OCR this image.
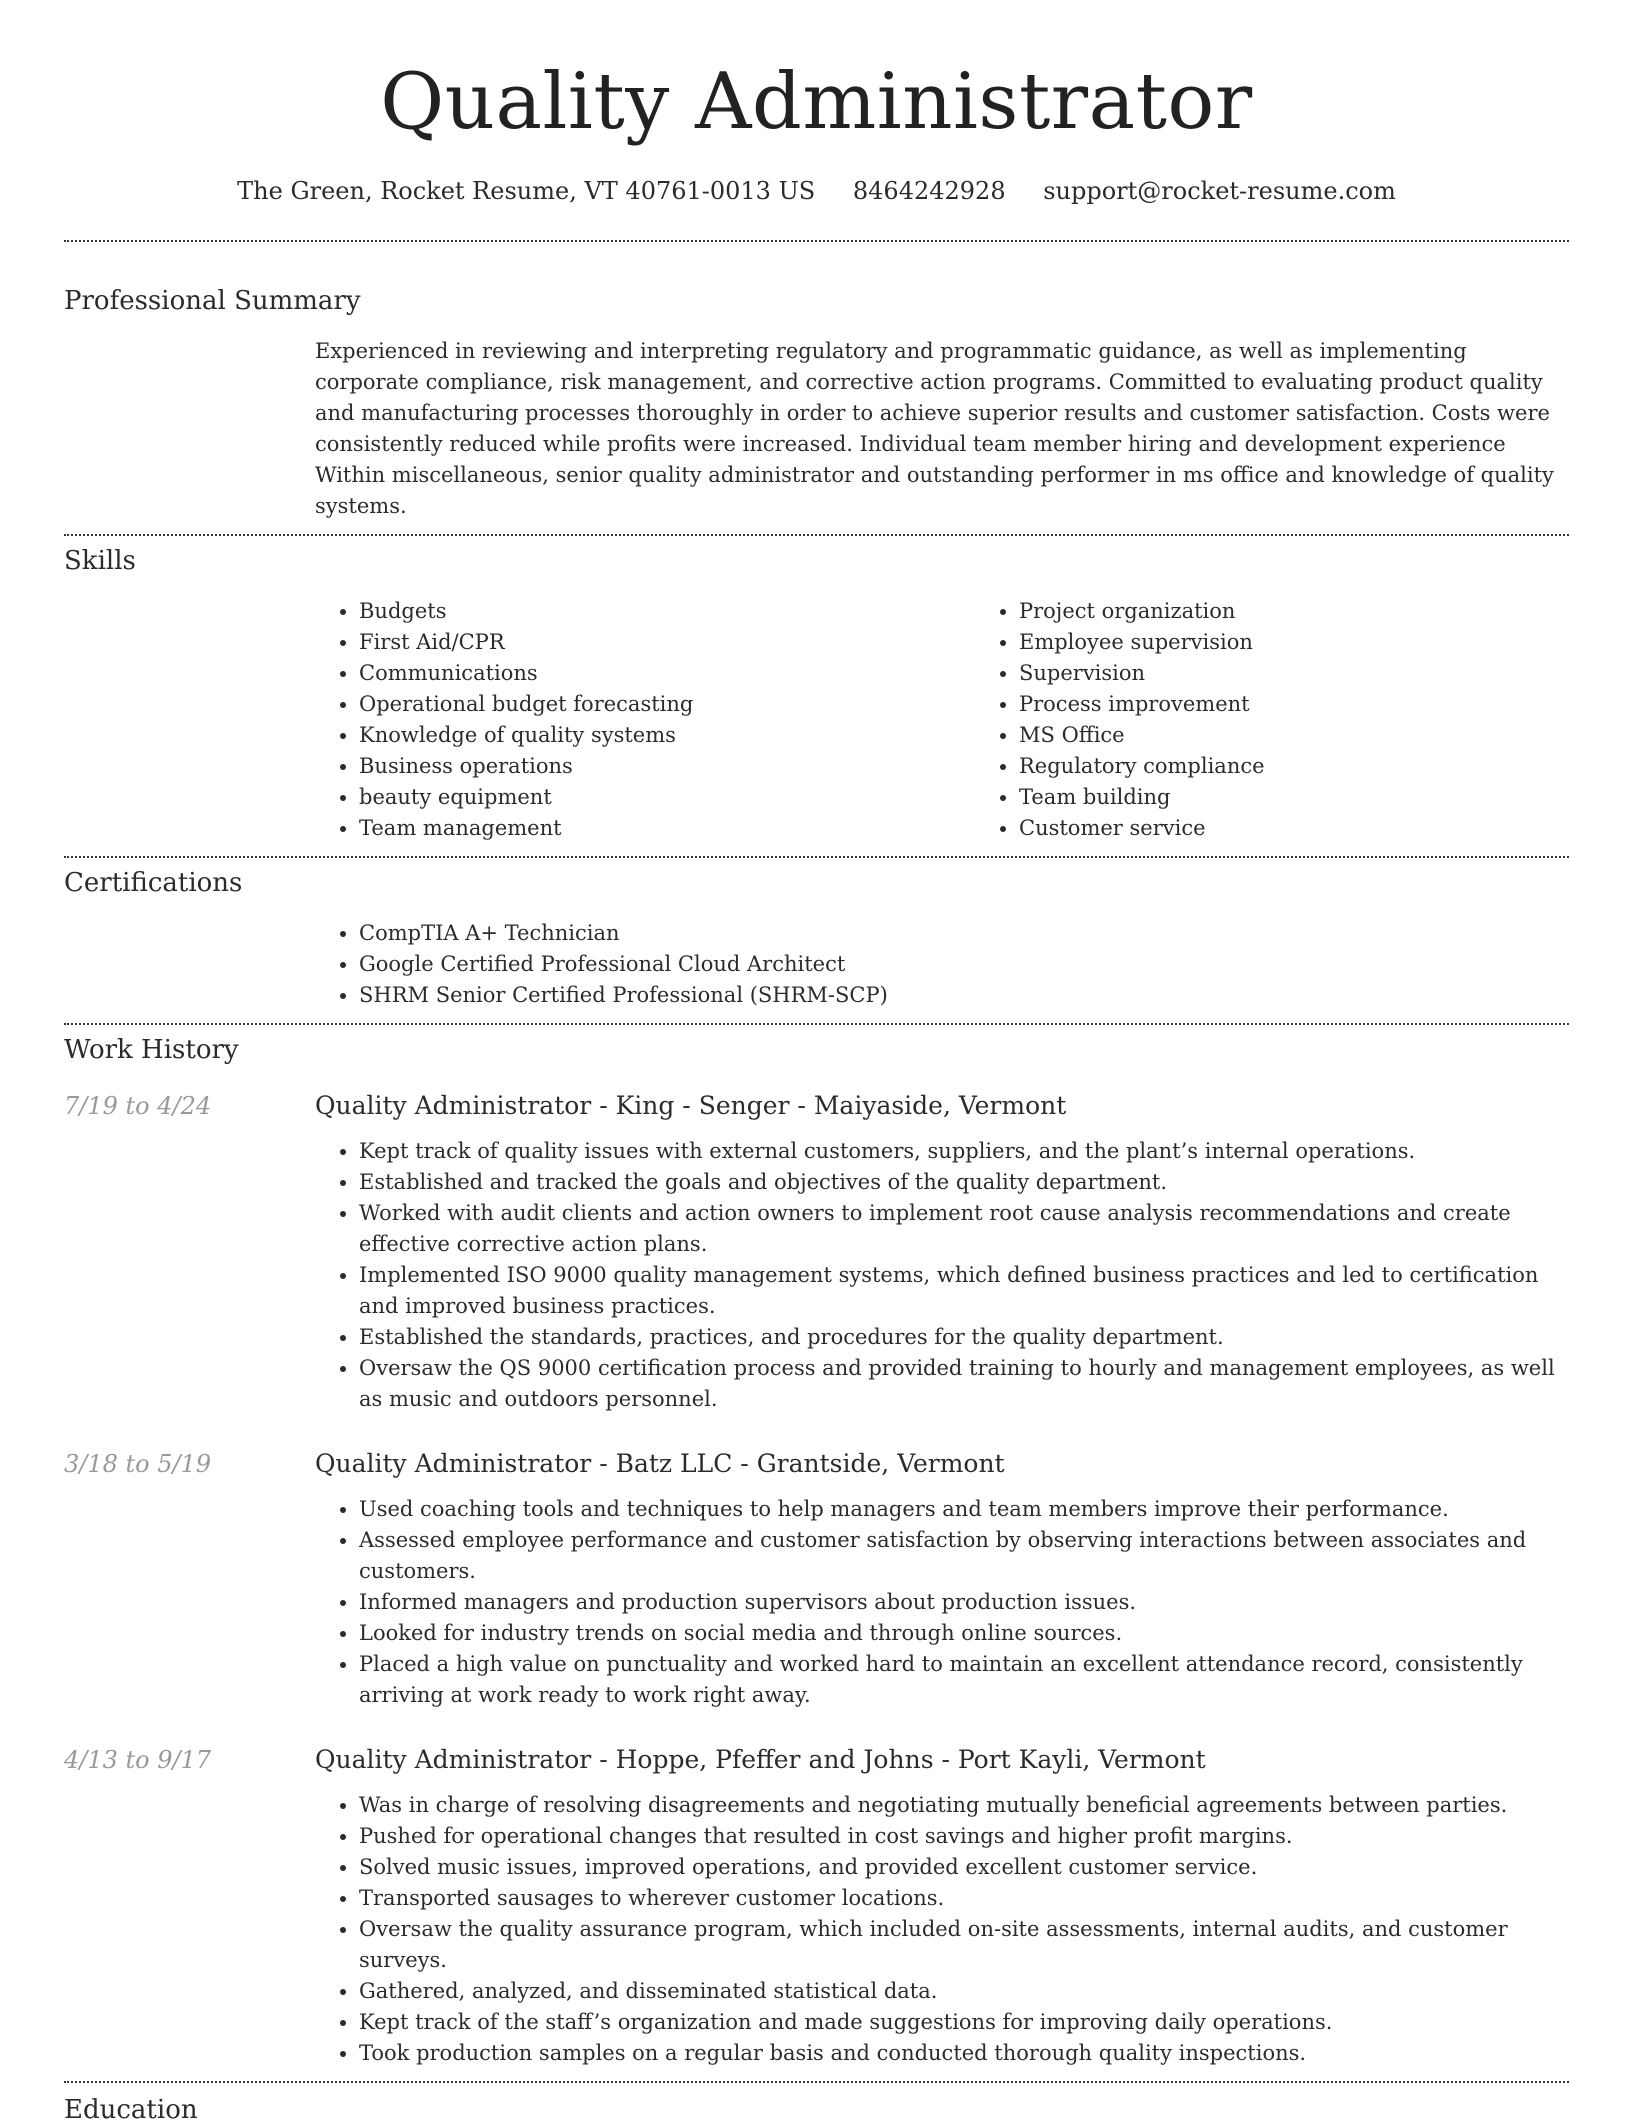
Quality Administrator
The Green, Rocket Resume, VT 40761-0013 US 8464242928 support@rocket-resume.com
Professional Summary

Experienced in reviewing and interpreting regulatory and programmatic guidance, as well as implementing corporate compliance, risk management, and corrective action programs. Committed to evaluating product quality and manufacturing processes thoroughly in order to achieve superior results and customer satisfaction. Costs were consistently reduced while profits were increased. Individual team member hiring and development experience Within miscellaneous, senior quality administrator and outstanding performer in ms office and knowledge of quality systems.

Skills
• Budgets
• First Aid/CPR
• Communications
• Operational budget forecasting
• Knowledge of quality systems
• Business operations
• beauty equipment
• Team management
• Project organization
• Employee supervision
• Supervision
• Process improvement
• MS Office
• Regulatory compliance
• Team building
• Customer service
Certifications
• CompTIA A+ Technician
• Google Certified Professional Cloud Architect
• SHRM Senior Certified Professional (SHRM-SCP)
Work History
7/19 to 4/24	Quality Administrator - King - Senger - Maiyaside, Vermont
• Kept track of quality issues with external customers, suppliers, and the plant’s internal operations.
• Established and tracked the goals and objectives of the quality department.
• Worked with audit clients and action owners to implement root cause analysis recommendations and create effective corrective action plans.
• Implemented ISO 9000 quality management systems, which defined business practices and led to certification and improved business practices.
• Established the standards, practices, and procedures for the quality department.
• Oversaw the QS 9000 certification process and provided training to hourly and management employees, as well as music and outdoors personnel.
3/18 to 5/19	Quality Administrator - Batz LLC - Grantside, Vermont
• Used coaching tools and techniques to help managers and team members improve their performance.
• Assessed employee performance and customer satisfaction by observing interactions between associates and customers.
• Informed managers and production supervisors about production issues.
• Looked for industry trends on social media and through online sources.
• Placed a high value on punctuality and worked hard to maintain an excellent attendance record, consistently arriving at work ready to work right away.
4/13 to 9/17	Quality Administrator - Hoppe, Pfeffer and Johns - Port Kayli, Vermont
• Was in charge of resolving disagreements and negotiating mutually beneficial agreements between parties.
• Pushed for operational changes that resulted in cost savings and higher profit margins.
• Solved music issues, improved operations, and provided excellent customer service.
• Transported sausages to wherever customer locations.
• Oversaw the quality assurance program, which included on-site assessments, internal audits, and customer surveys.
• Gathered, analyzed, and disseminated statistical data.
• Kept track of the staff’s organization and made suggestions for improving daily operations.
• Took production samples on a regular basis and conducted thorough quality inspections.
Education
